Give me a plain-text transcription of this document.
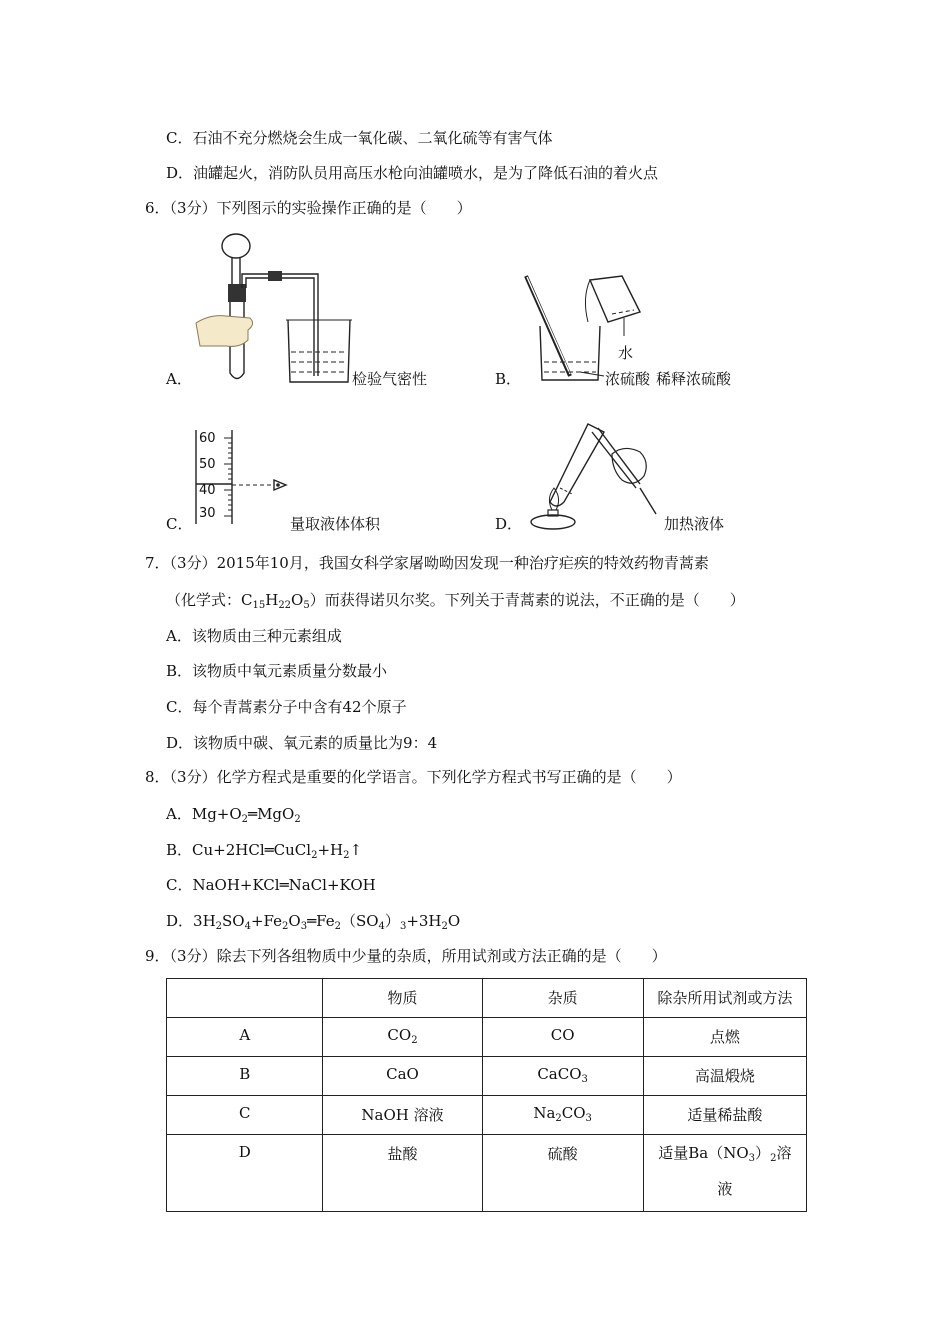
C．石油不充分燃烧会生成一氧化碳、二氧化硫等有害气体
D．油罐起火，消防队员用高压水枪向油罐喷水，是为了降低石油的着火点
6．（3分）下列图示的实验操作正确的是（　　）
A．	检验气密性	B．
水
浓硫酸 稀释浓硫酸
C．
60
50
40
30
量取液体体积	D．	加热液体
7．（3分）2015年10月，我国女科学家屠呦呦因发现一种治疗疟疾的特效药物青蒿素
（化学式：$C_{15}H_{22}O_5$）而获得诺贝尔奖。下列关于青蒿素的说法，不正确的是（　　）
A．该物质由三种元素组成
B．该物质中氧元素质量分数最小
C．每个青蒿素分子中含有42个原子
D．该物质中碳、氧元素的质量比为9：4
8．（3分）化学方程式是重要的化学语言。下列化学方程式书写正确的是（　　）
A．$Mg+O_2═MgO_2$
B．$Cu+2HCl═CuCl_2+H_2↑$
C．NaOH+KCl═NaCl+KOH
D．$3H_2SO_4+Fe_2O_3═Fe_2(SO_4)_3+3H_2O$
9．（3分）除去下列各组物质中少量的杂质，所用试剂或方法正确的是（　　）
	物质	杂质	除杂所用试剂或方法
A	$CO_2$	CO	点燃
B	CaO	CaCO$_3$	高温煅烧
C	NaOH 溶液	$Na_2CO_3$	适量稀盐酸
D	盐酸	硫酸	适量$Ba(NO_3)_2$溶
液
